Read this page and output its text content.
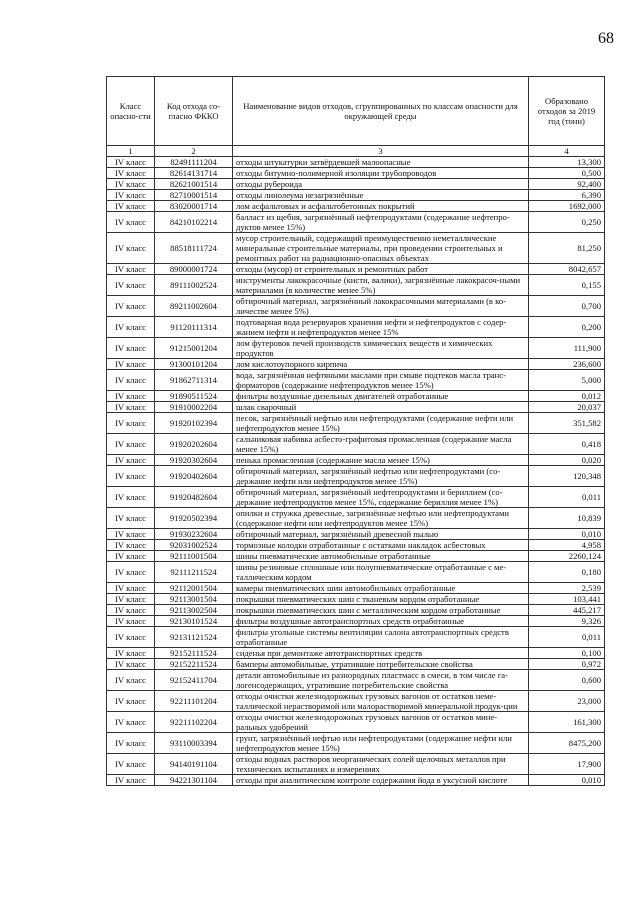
68
Класс опасно-сти	Код отхода со-гласно ФККО	Наименование видов отходов, сгруппированных по классам опасности для окружающей среды	Образовано отходов за 2019 год (тонн)
1	2	3	4
IV класс	82491111204	отходы штукатурки затвёрдевшей малоопасные	13,300
IV класс	82614131714	отходы битумно-полимерной изоляции трубопроводов	0,500
IV класс	82621001514	отходы рубероида	92,400
IV класс	82710001514	отходы линолеума незагрязнённые	6,390
IV класс	83020001714	лом асфальтовых и асфальтобетонных покрытий	1692,000
IV класс	84210102214	балласт из щебня, загрязнённый нефтепродуктами (содержание нефтепро-дуктов менее 15%)	0,250
IV класс	88518111724	мусор строительный, содержащий преимущественно неметаллические минеральные строительные материалы, при проведении строительных и ремонтных работ на радиационно-опасных объектах	81,250
IV класс	89000001724	отходы (мусор) от строительных и ремонтных работ	8042,657
IV класс	89111002524	инструменты лакокрасочные (кисти, валики), загрязнённые лакокрасоч-ными материалами (в количестве менее 5%)	0,155
IV класс	89211002604	обтирочный материал, загрязнённый лакокрасочными материалами (в ко-личестве менее 5%)	0,700
IV класс	91120111314	подтоварная вода резервуаров хранения нефти и нефтепродуктов с содер-жанием нефти и нефтепродуктов менее 15%	0,200
IV класс	91215001204	лом футеровок печей производств химических веществ и химических продуктов	111,900
IV класс	91300101204	лом кислотоупорного кирпича	236,600
IV класс	91862711314	вода, загрязнённая нефтяными маслами при смыве подтеков масла транс-форматоров (содержание нефтепродуктов менее 15%)	5,000
IV класс	91890511524	фильтры воздушные дизельных двигателей отработанные	0,012
IV класс	91910002204	шлак сварочный	20,037
IV класс	91920102394	песок, загрязнённый нефтью или нефтепродуктами (содержание нефти или нефтепродуктов менее 15%)	351,582
IV класс	91920202604	сальниковая набивка асбесто-графитовая промасленная (содержание масла менее 15%)	0,418
IV класс	91920302604	пенька промасленная (содержание масла менее 15%)	0,020
IV класс	91920402604	обтирочный материал, загрязнённый нефтью или нефтепродуктами (со-держание нефти или нефтепродуктов менее 15%)	120,348
IV класс	91920482604	обтирочный материал, загрязнённый нефтепродуктами и бериллием (со-держание нефтепродуктов менее 15%, содержание бериллия менее 1%)	0,011
IV класс	91920502394	опилки и стружка древесные, загрязнённые нефтью или нефтепродуктами (содержание нефти или нефтепродуктов менее 15%)	10,839
IV класс	91930232604	обтирочный материал, загрязнённый древесной пылью	0,010
IV класс	92031002524	тормозные колодки отработанные с остатками накладок асбестовых	4,958
IV класс	92111001504	шины пневматические автомобильные отработанные	2260,124
IV класс	92111211524	шины резиновые сплошные или полупневматические отработанные с ме-таллическим кордом	0,180
IV класс	92112001504	камеры пневматических шин автомобильных отработанные	2,539
IV класс	92113001504	покрышки пневматических шин с тканевым кордом отработанные	103,441
IV класс	92113002504	покрышки пневматических шин с металлическим кордом отработанные	445,217
IV класс	92130101524	фильтры воздушные автотранспортных средств отработанные	9,326
IV класс	92131121524	фильтры угольные системы вентиляции салона автотранспортных средств отработанные	0,011
IV класс	92152111524	сиденья при демонтаже автотранспортных средств	0,100
IV класс	92152211524	бамперы автомобильные, утратившие потребительские свойства	0,972
IV класс	92152411704	детали автомобильные из разнородных пластмасс в смеси, в том числе га-логенсодержащих, утратившие потребительские свойства	0,600
IV класс	92211101204	отходы очистки железнодорожных грузовых вагонов от остатков неме-таллической нерастворимой или малорастворимой минеральной продук-ции	23,000
IV класс	92211102204	отходы очистки железнодорожных грузовых вагонов от остатков мине-ральных удобрений	161,300
IV класс	93110003394	грунт, загрязнённый нефтью или нефтепродуктами (содержание нефти или нефтепродуктов менее 15%)	8475,200
IV класс	94140191104	отходы водных растворов неорганических солей щелочных металлов при технических испытаниях и измерениях	17,900
IV класс	94221301104	отходы при аналитическом контроле содержания йода в уксусной кислоте	0,010
